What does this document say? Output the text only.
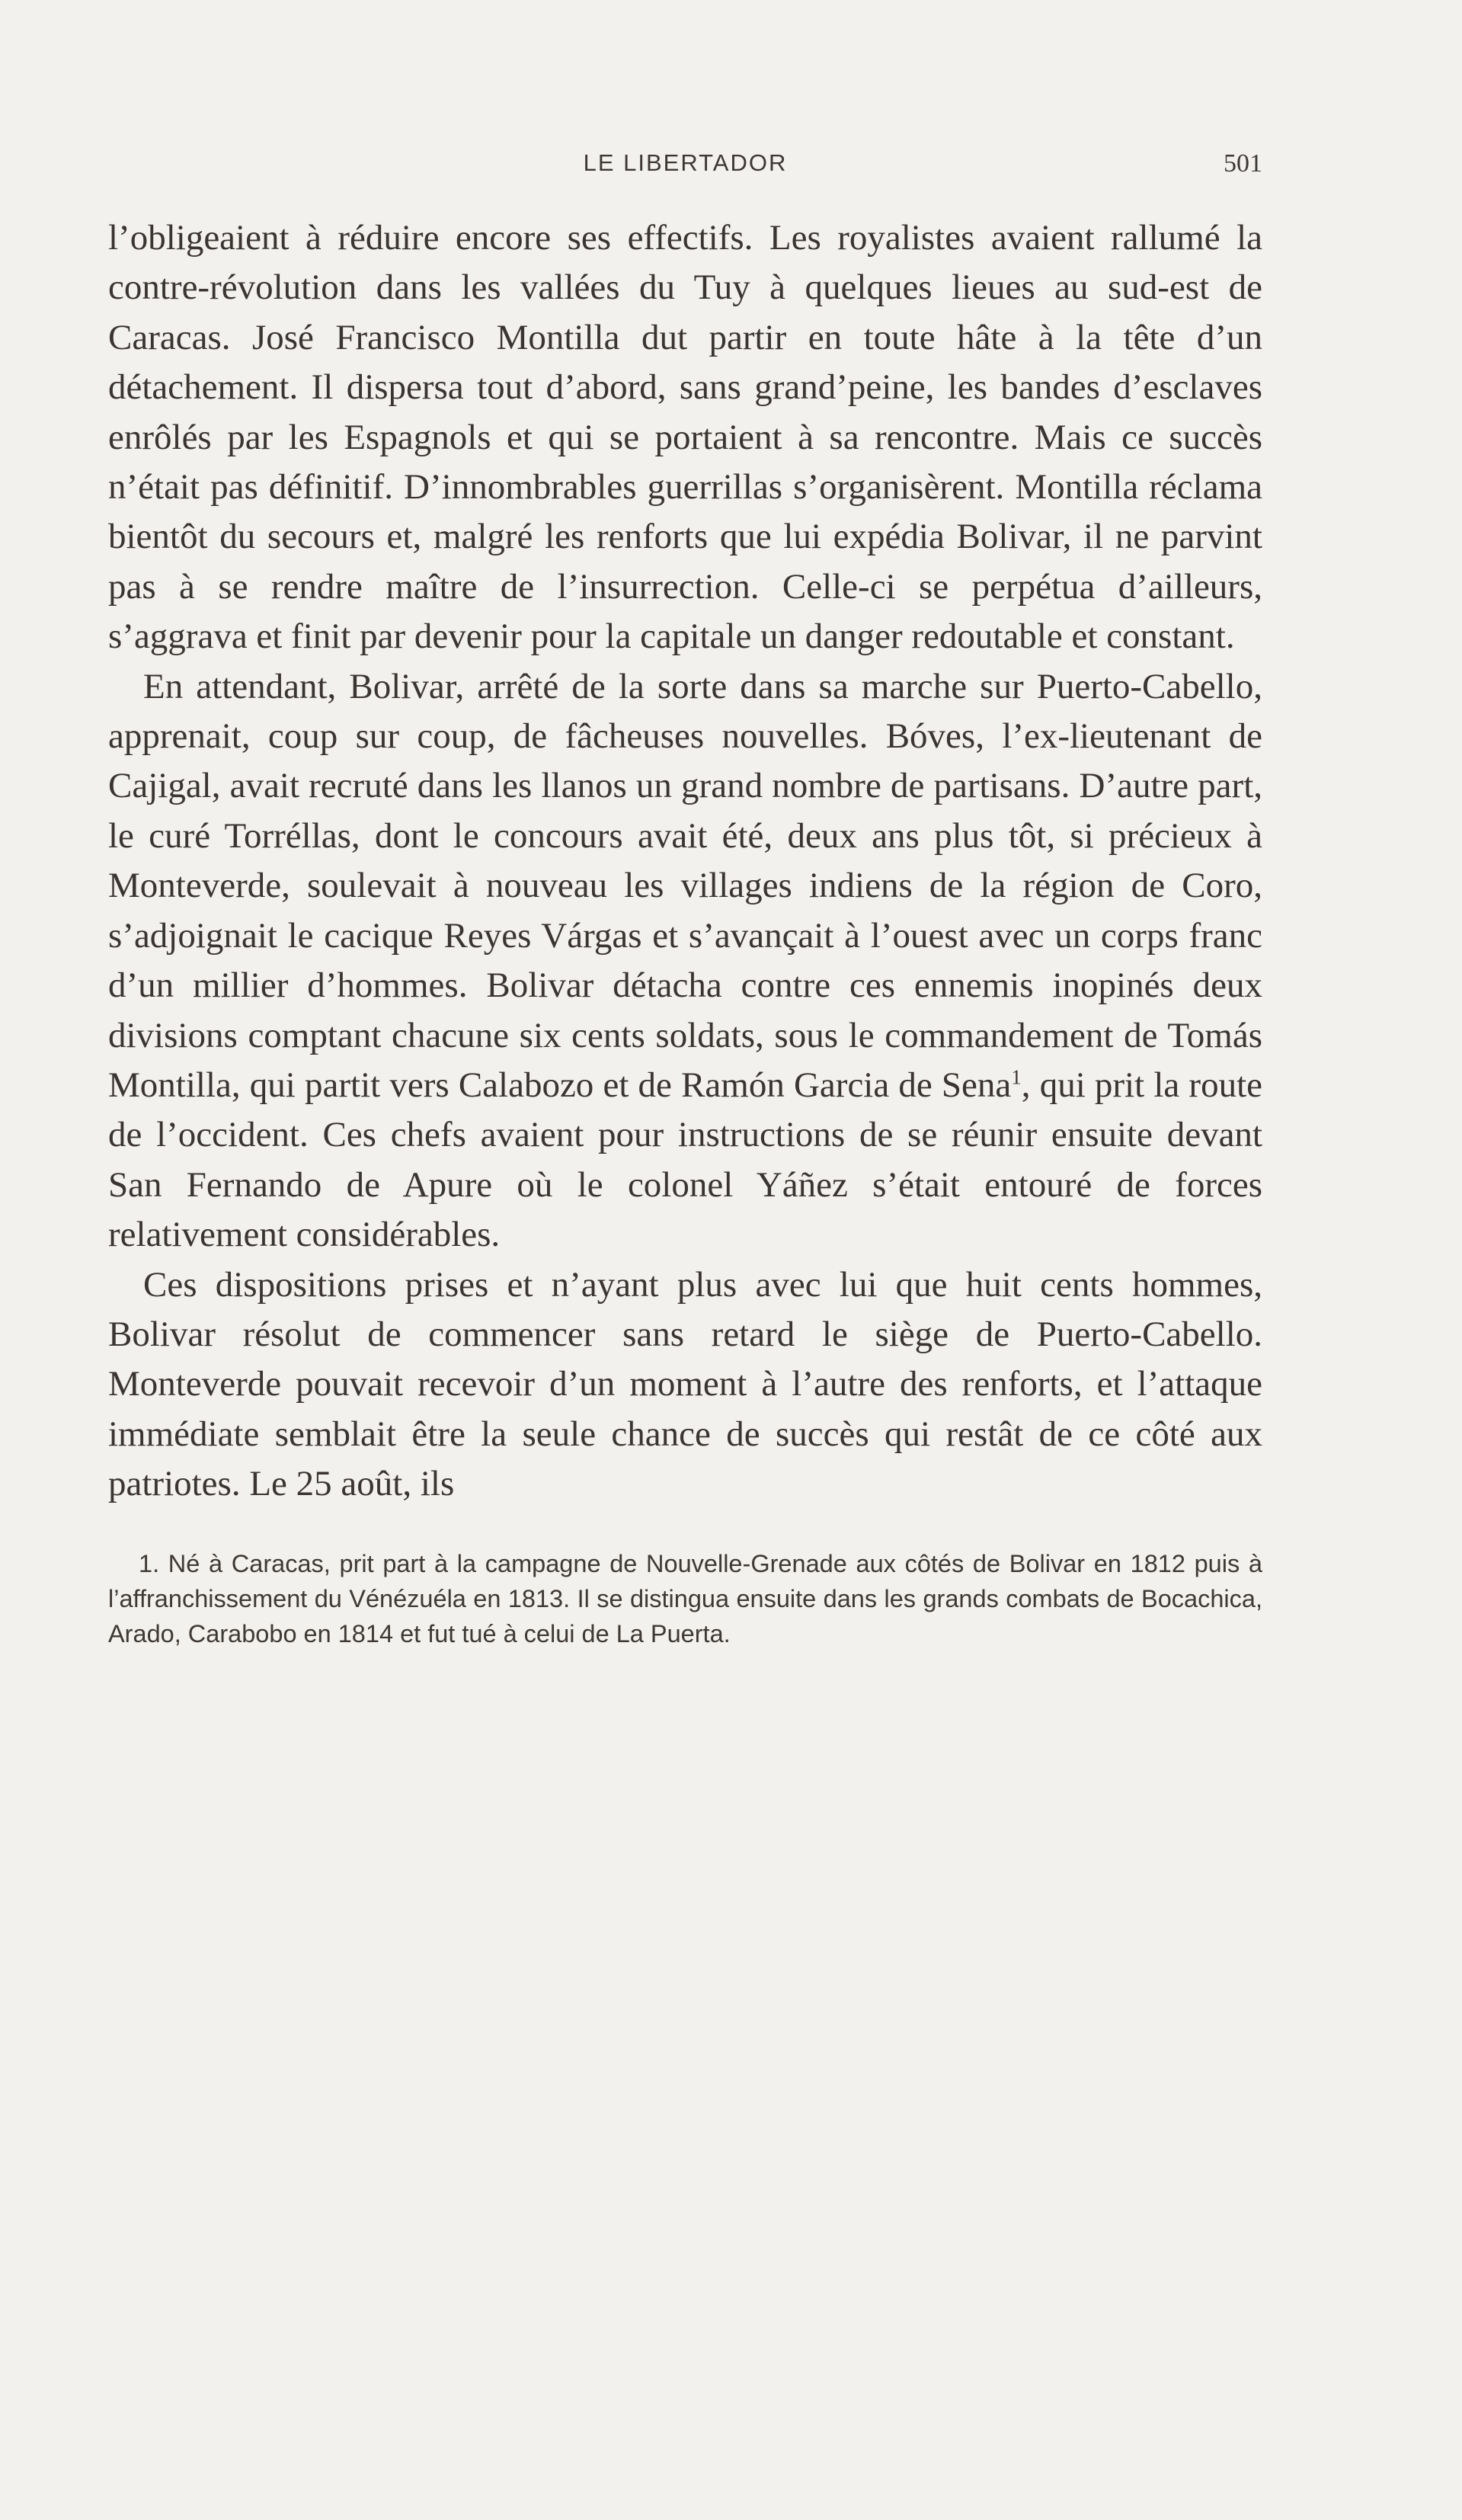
LE LIBERTADOR	501

l’obligeaient à réduire encore ses effectifs. Les royalistes avaient rallumé la contre-révolution dans les vallées du Tuy à quelques lieues au sud-est de Caracas. José Francisco Montilla dut partir en toute hâte à la tête d’un détachement. Il dispersa tout d’abord, sans grand’peine, les bandes d’esclaves enrôlés par les Espagnols et qui se portaient à sa rencontre. Mais ce succès n’était pas définitif. D’innombrables guerrillas s’organisèrent. Montilla réclama bientôt du secours et, malgré les renforts que lui expédia Bolivar, il ne parvint pas à se rendre maître de l’insurrection. Celle-ci se perpétua d’ailleurs, s’aggrava et finit par devenir pour la capitale un danger redoutable et constant.

En attendant, Bolivar, arrêté de la sorte dans sa marche sur Puerto-Cabello, apprenait, coup sur coup, de fâcheuses nouvelles. Bóves, l’ex-lieutenant de Cajigal, avait recruté dans les llanos un grand nombre de partisans. D’autre part, le curé Torréllas, dont le concours avait été, deux ans plus tôt, si précieux à Monteverde, soulevait à nouveau les villages indiens de la région de Coro, s’adjoignait le cacique Reyes Várgas et s’avançait à l’ouest avec un corps franc d’un millier d’hommes. Bolivar détacha contre ces ennemis inopinés deux divisions comptant chacune six cents soldats, sous le commandement de Tomás Montilla, qui partit vers Calabozo et de Ramón Garcia de Sena$^1$, qui prit la route de l’occident. Ces chefs avaient pour instructions de se réunir ensuite devant San Fernando de Apure où le colonel Yáñez s’était entouré de forces relativement considérables.

Ces dispositions prises et n’ayant plus avec lui que huit cents hommes, Bolivar résolut de commencer sans retard le siège de Puerto-Cabello. Monteverde pouvait recevoir d’un moment à l’autre des renforts, et l’attaque immédiate semblait être la seule chance de succès qui restât de ce côté aux patriotes. Le 25 août, ils

1. Né à Caracas, prit part à la campagne de Nouvelle-Grenade aux côtés de Bolivar en 1812 puis à l’affranchissement du Vénézuéla en 1813. Il se distingua ensuite dans les grands combats de Bocachica, Arado, Carabobo en 1814 et fut tué à celui de La Puerta.
